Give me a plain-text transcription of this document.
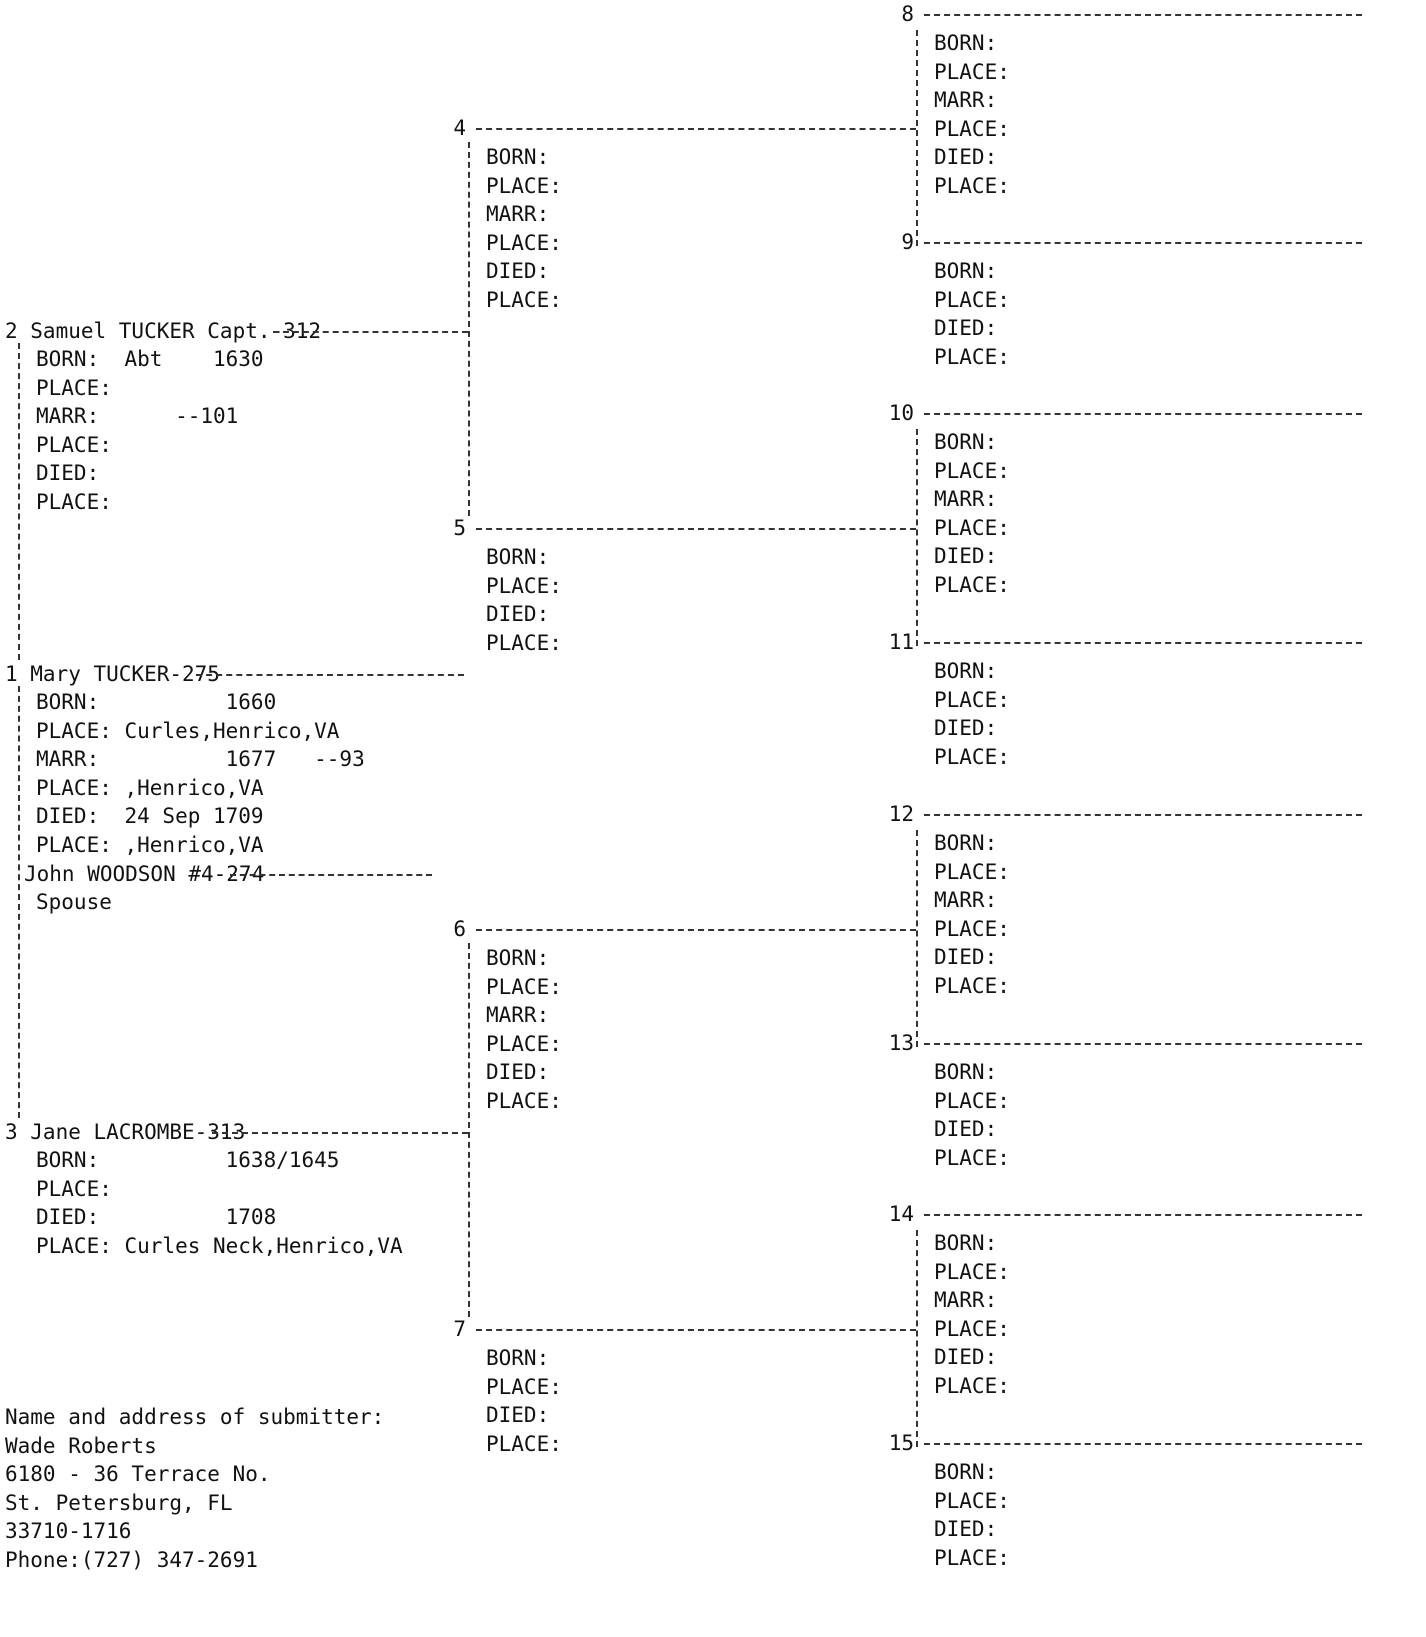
2 Samuel TUCKER Capt.-312
BORN:  Abt    1630
PLACE:
MARR:      --101
PLACE:
DIED:
PLACE:
1 Mary TUCKER-275
BORN:          1660
PLACE: Curles,Henrico,VA
MARR:          1677   --93
PLACE: ,Henrico,VA
DIED:  24 Sep 1709
PLACE: ,Henrico,VA
John WOODSON #4-274
Spouse
3 Jane LACROMBE-313
BORN:          1638/1645
PLACE:
DIED:          1708
PLACE: Curles Neck,Henrico,VA
Name and address of submitter:
Wade Roberts
6180 - 36 Terrace No.
St. Petersburg, FL
33710-1716
Phone:(727) 347-2691
4
BORN:
PLACE:
MARR:
PLACE:
DIED:
PLACE:
5
BORN:
PLACE:
DIED:
PLACE:
6
BORN:
PLACE:
MARR:
PLACE:
DIED:
PLACE:
7
BORN:
PLACE:
DIED:
PLACE:
8
BORN:
PLACE:
MARR:
PLACE:
DIED:
PLACE:
9
BORN:
PLACE:
DIED:
PLACE:
10
BORN:
PLACE:
MARR:
PLACE:
DIED:
PLACE:
11
BORN:
PLACE:
DIED:
PLACE:
12
BORN:
PLACE:
MARR:
PLACE:
DIED:
PLACE:
13
BORN:
PLACE:
DIED:
PLACE:
14
BORN:
PLACE:
MARR:
PLACE:
DIED:
PLACE:
15
BORN:
PLACE:
DIED:
PLACE:
